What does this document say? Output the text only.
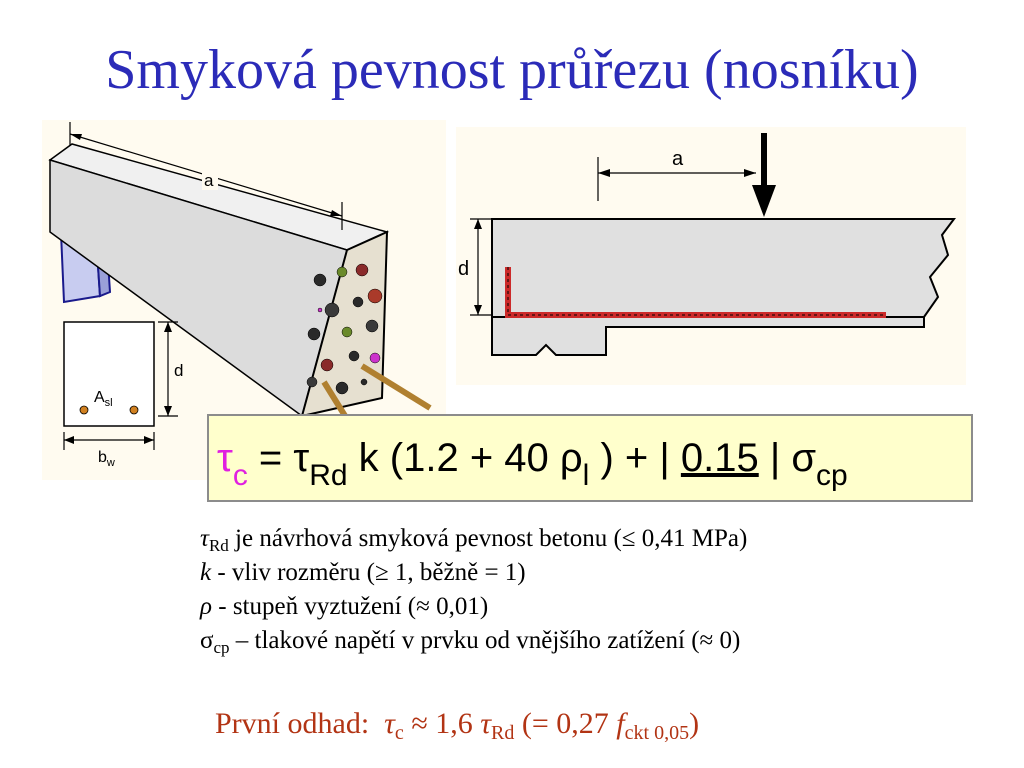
Smyková pevnost průřezu (nosníku)
a
$A_{sl}$
d
$b_w$
a
d
$\tau_c = \tau_{Rd}$ k (1.2 + 40 $\rho_l$ ) + | 0.15 | $\sigma_{cp}$
$\tau_{Rd}$ je návrhová smyková pevnost betonu (≤ 0,41 MPa)
k - vliv rozměru (≥ 1, běžně = 1)
ρ - stupeň vyztužení (≈ 0,01)
$\sigma_{cp}$ – tlakové napětí v prvku od vnějšího zatížení (≈ 0)
První odhad: $\tau_c \approx 1,6$ $\tau_{Rd}$ (= 0,27 $f_{ckt 0,05}$)
